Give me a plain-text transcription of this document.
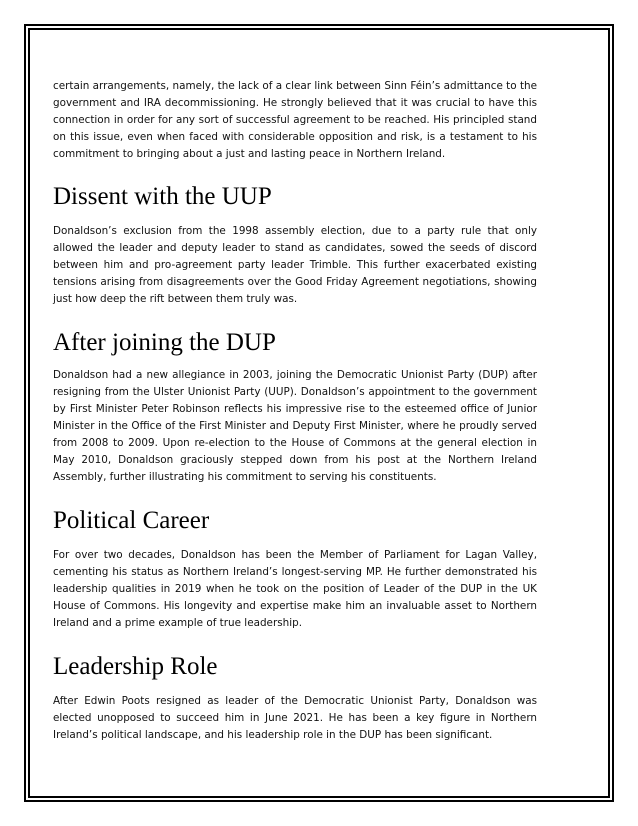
certain arrangements, namely, the lack of a clear link between Sinn Féin’s admittance to the government and IRA decommissioning. He strongly believed that it was crucial to have this connection in order for any sort of successful agreement to be reached. His principled stand on this issue, even when faced with considerable opposition and risk, is a testament to his commitment to bringing about a just and lasting peace in Northern Ireland.

Dissent with the UUP

Donaldson’s exclusion from the 1998 assembly election, due to a party rule that only allowed the leader and deputy leader to stand as candidates, sowed the seeds of discord between him and pro-agreement party leader Trimble. This further exacerbated existing tensions arising from disagreements over the Good Friday Agreement negotiations, showing just how deep the rift between them truly was.

After joining the DUP

Donaldson had a new allegiance in 2003, joining the Democratic Unionist Party (DUP) after resigning from the Ulster Unionist Party (UUP). Donaldson’s appointment to the government by First Minister Peter Robinson reflects his impressive rise to the esteemed office of Junior Minister in the Office of the First Minister and Deputy First Minister, where he proudly served from 2008 to 2009. Upon re-election to the House of Commons at the general election in May 2010, Donaldson graciously stepped down from his post at the Northern Ireland Assembly, further illustrating his commitment to serving his constituents.

Political Career

For over two decades, Donaldson has been the Member of Parliament for Lagan Valley, cementing his status as Northern Ireland’s longest-serving MP. He further demonstrated his leadership qualities in 2019 when he took on the position of Leader of the DUP in the UK House of Commons. His longevity and expertise make him an invaluable asset to Northern Ireland and a prime example of true leadership.

Leadership Role

After Edwin Poots resigned as leader of the Democratic Unionist Party, Donaldson was elected unopposed to succeed him in June 2021. He has been a key figure in Northern Ireland’s political landscape, and his leadership role in the DUP has been significant.
